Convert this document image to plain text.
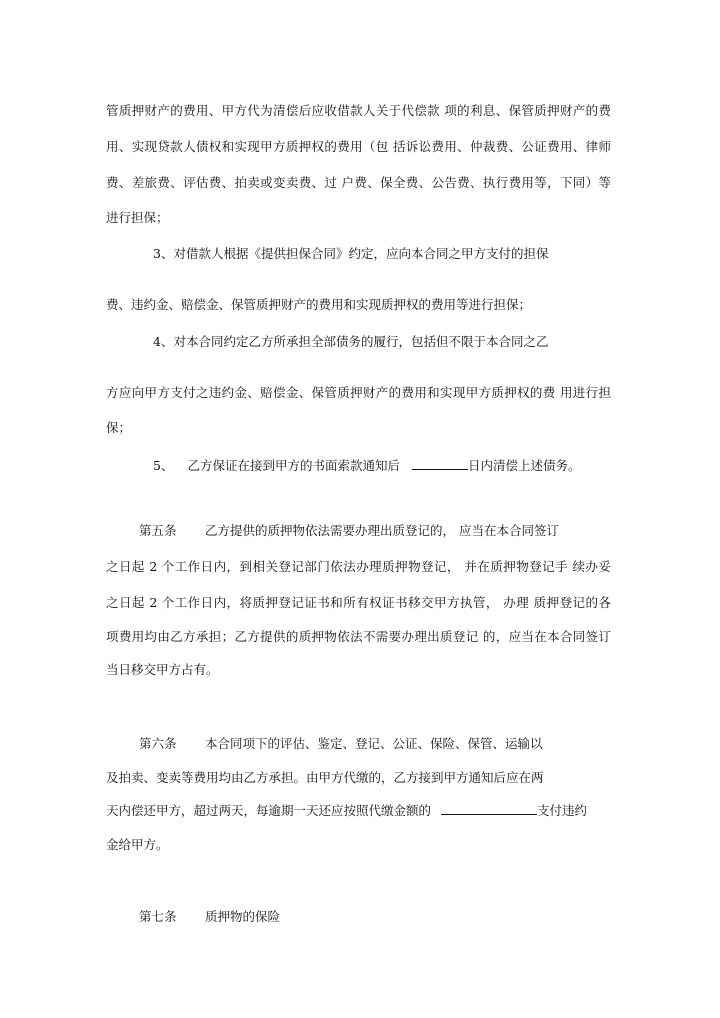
管质押财产的费用、甲方代为清偿后应收借款人关于代偿款 项的利息、保管质押财产的费
用、实现贷款人债权和实现甲方质押权的费用（包 括诉讼费用、仲裁费、公证费用、律师
费、差旅费、评估费、拍卖或变卖费、过 户费、保全费、公告费、执行费用等，下同）等
进行担保；
3、对借款人根据《提供担保合同》约定，应向本合同之甲方支付的担保
费、违约金、赔偿金、保管质押财产的费用和实现质押权的费用等进行担保；
4、对本合同约定乙方所承担全部债务的履行，包括但不限于本合同之乙
方应向甲方支付之违约金、赔偿金、保管质押财产的费用和实现甲方质押权的费 用进行担
保；
5、 乙方保证在接到甲方的书面索款通知后	日内清偿上述债务。
第五条 乙方提供的质押物依法需要办理出质登记的， 应当在本合同签订
之日起 2 个工作日内，到相关登记部门依法办理质押物登记， 并在质押物登记手 续办妥
之日起 2 个工作日内，将质押登记证书和所有权证书移交甲方执管， 办理 质押登记的各
项费用均由乙方承担；乙方提供的质押物依法不需要办理出质登记 的，应当在本合同签订
当日移交甲方占有。
第六条 本合同项下的评估、鉴定、登记、公证、保险、保管、运输以
及拍卖、变卖等费用均由乙方承担。由甲方代缴的，乙方接到甲方通知后应在两
天内偿还甲方，超过两天，每逾期一天还应按照代缴金额的	支付违约
金给甲方。
第七条 质押物的保险
